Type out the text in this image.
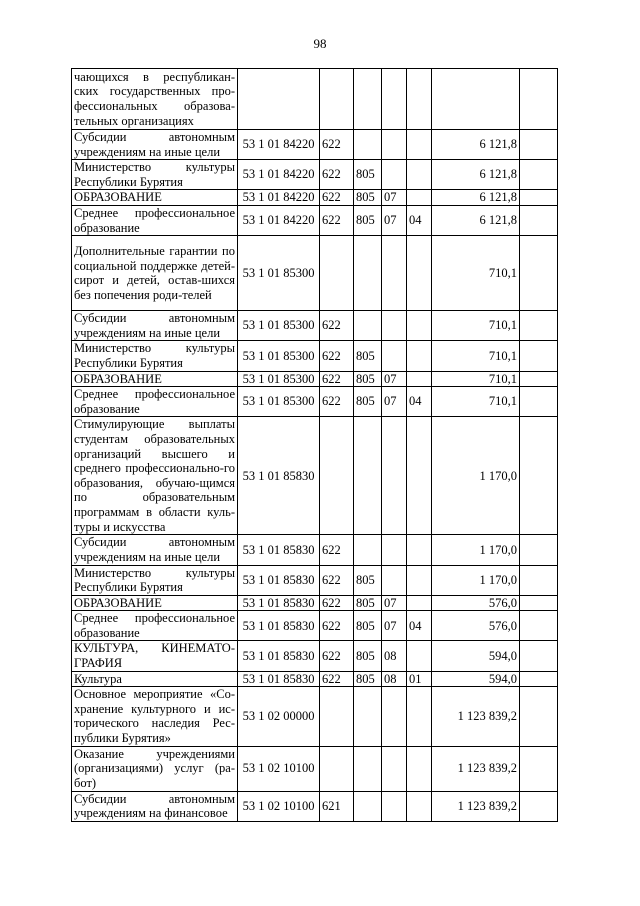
98
чающихся в республикан-ских государственных про-фессиональных образова-тельных организациях							
Субсидии автономным учреждениям на иные цели	53 1 01 84220	622				6 121,8	
Министерство культуры Республики Бурятия	53 1 01 84220	622	805			6 121,8	
ОБРАЗОВАНИЕ	53 1 01 84220	622	805	07		6 121,8	
Среднее профессиональное образование	53 1 01 84220	622	805	07	04	6 121,8	
Дополнительные гарантии по социальной поддержке детей-сирот и детей, остав-шихся без попечения роди-телей	53 1 01 85300					710,1	
Субсидии автономным учреждениям на иные цели	53 1 01 85300	622				710,1	
Министерство культуры Республики Бурятия	53 1 01 85300	622	805			710,1	
ОБРАЗОВАНИЕ	53 1 01 85300	622	805	07		710,1	
Среднее профессиональное образование	53 1 01 85300	622	805	07	04	710,1	
Стимулирующие выплаты студентам образовательных организаций высшего и среднего профессионально-го образования, обучаю-щимся по образовательным программам в области куль-туры и искусства	53 1 01 85830					1 170,0	
Субсидии автономным учреждениям на иные цели	53 1 01 85830	622				1 170,0	
Министерство культуры Республики Бурятия	53 1 01 85830	622	805			1 170,0	
ОБРАЗОВАНИЕ	53 1 01 85830	622	805	07		576,0	
Среднее профессиональное образование	53 1 01 85830	622	805	07	04	576,0	
КУЛЬТУРА, КИНЕМАТО-ГРАФИЯ	53 1 01 85830	622	805	08		594,0	
Культура	53 1 01 85830	622	805	08	01	594,0	
Основное мероприятие «Со-хранение культурного и ис-торического наследия Рес-публики Бурятия»	53 1 02 00000					1 123 839,2	
Оказание учреждениями (организациями) услуг (ра-бот)	53 1 02 10100					1 123 839,2	
Субсидии автономным учреждениям на финансовое	53 1 02 10100	621				1 123 839,2	
